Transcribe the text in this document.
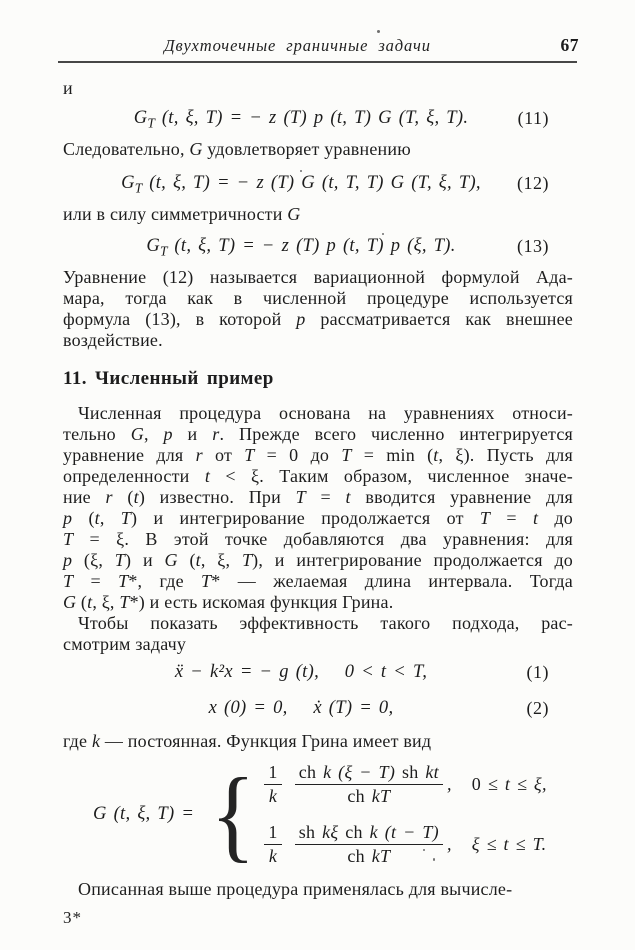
Двухточечные граничные задачи	67
и
$G_T$ (t, ξ, T) = − z (T) p (t, T) G (T, ξ, T).	(11)
Следовательно, G удовлетворяет уравнению
$G_T$ (t, ξ, T) = − z (T) G (t, T, T) G (T, ξ, T), (12)
или в силу симметричности G
$G_T$ (t, ξ, T) = − z (T) p (t, T) p (ξ, T).	(13)
Уравнение (12) называется вариационной формулой Ада-
мара, тогда как в численной процедуре используется
формула (13), в которой p рассматривается как внешнее
воздействие.
11. Численный пример
Численная процедура основана на уравнениях относи-
тельно G, p и r. Прежде всего численно интегрируется
уравнение для r от T = 0 до T = min (t, ξ). Пусть для
определенности t < ξ. Таким образом, численное значе-
ние r (t) известно. При T = t вводится уравнение для
p (t, T) и интегрирование продолжается от T = t до
T = ξ. В этой точке добавляются два уравнения: для
p (ξ, T) и G (t, ξ, T), и интегрирование продолжается до
T = T*, где T* — желаемая длина интервала. Тогда
G (t, ξ, T*) и есть искомая функция Грина.
Чтобы показать эффективность такого подхода, рас-
смотрим задачу
ẍ − k²x = − g (t),  0 < t < T,	(1)
x (0) = 0,  ẋ (T) = 0,	(2)
где k — постоянная. Функция Грина имеет вид
G (t, ξ, T) = { $\frac{1}{k} \frac{\text{ch k (ξ − T) sh kt}}{\text{ch kT}}$ , 0 ≤ t ≤ ξ,
$\frac{1}{k} \frac{\text{sh kξ ch k (t − T)}}{\text{ch kT}}$ , ξ ≤ t ≤ T.
Описанная выше процедура применялась для вычисле-
3*
